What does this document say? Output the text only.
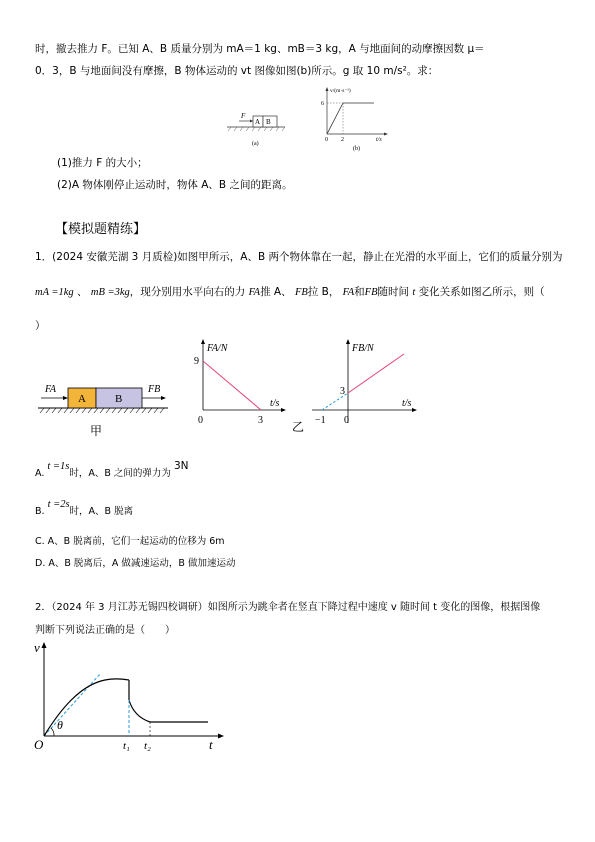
时，撤去推力 F。已知 A、B 质量分别为 mA＝1 kg、mB＝3 kg，A 与地面间的动摩擦因数 μ＝
0．3，B 与地面间没有摩擦，B 物体运动的 vt 图像如图(b)所示。g 取 10 m/s²。求：
F
A B
(a)
v/(m·s⁻¹)
6
0 2	t/s
(b)
(1)推力 F 的大小；
(2)A 物体刚停止运动时，物体 A、B 之间的距离。
【模拟题精练】
1．(2024 安徽芜湖 3 月质检)如图甲所示，A、B 两个物体靠在一起，静止在光滑的水平面上，它们的质量分别为
mA =1kg 、 mB =3kg，现分别用水平向右的力 FA推 A、 FB拉 B， FA和FB随时间 t 变化关系如图乙所示，则（
）
A	B
FA	FB
甲
FA/N
9
0	3
t/s
FB/N
3
−1 0
t/s
乙
A. t =1s时，A、B 之间的弹力为 3N
B. t =2s时，A、B 脱离
C. A、B 脱离前，它们一起运动的位移为 6m
D. A、B 脱离后，A 做减速运动，B 做加速运动
2．（2024 年 3 月江苏无锡四校调研）如图所示为跳伞者在竖直下降过程中速度 v 随时间 t 变化的图像，根据图像
判断下列说法正确的是（　　）
v
θ
O	t₁ t₂	t
